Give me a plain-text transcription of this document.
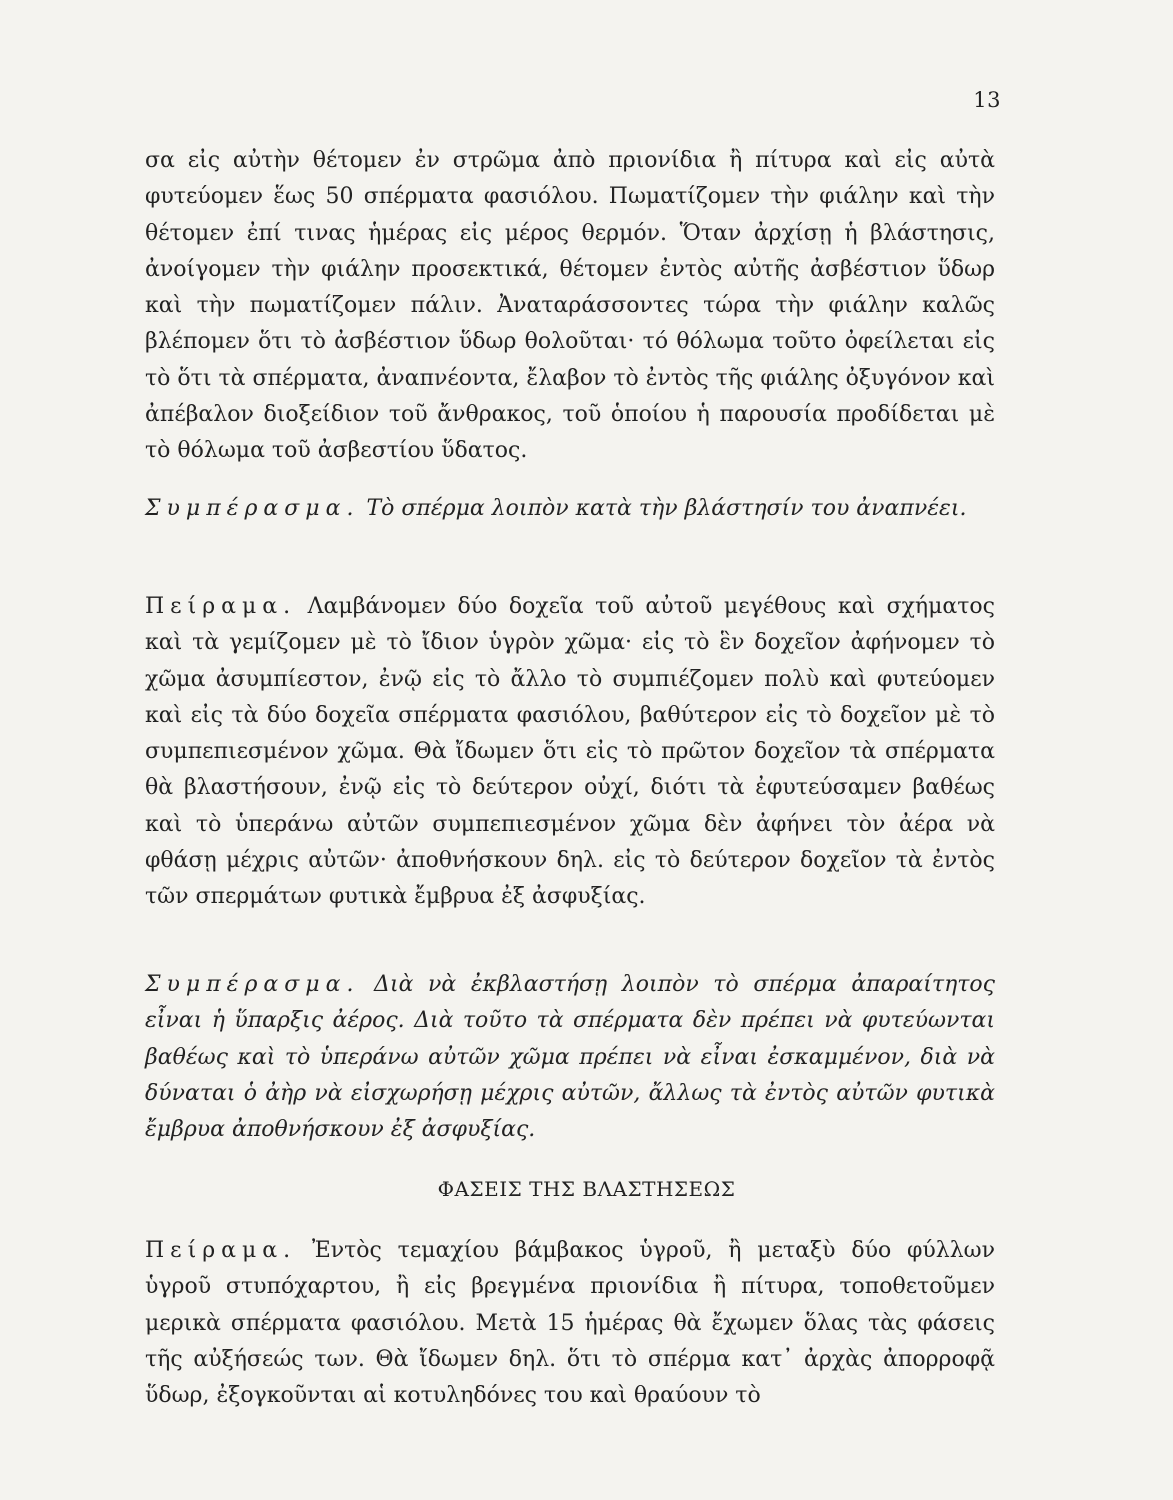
13

σα εἰς αὐτὴν θέτομεν ἐν στρῶμα ἀπὸ πριονίδια ἢ πίτυρα καὶ εἰς αὐτὰ φυτεύομεν ἕως 50 σπέρματα φασιόλου. Πωματίζομεν τὴν φιάλην καὶ τὴν θέτομεν ἐπί τινας ἡμέρας εἰς μέρος θερμόν. Ὅταν ἀρχίσῃ ἡ βλάστησις, ἀνοίγομεν τὴν φιάλην προσεκτικά, θέτομεν ἐντὸς αὐτῆς ἀσβέστιον ὕδωρ καὶ τὴν πωματίζομεν πάλιν. Ἀναταράσσοντες τώρα τὴν φιάλην καλῶς βλέπομεν ὅτι τὸ ἀσβέστιον ὕδωρ θολοῦται· τό θόλωμα τοῦτο ὀφείλεται εἰς τὸ ὅτι τὰ σπέρματα, ἀναπνέοντα, ἔλαβον τὸ ἐντὸς τῆς φιάλης ὀξυγόνον καὶ ἀπέβαλον διοξείδιον τοῦ ἄνθρακος, τοῦ ὁποίου ἡ παρουσία προδίδεται μὲ τὸ θόλωμα τοῦ ἀσβεστίου ὕδατος.

Συμπέρασμα. Τὸ σπέρμα λοιπὸν κατὰ τὴν βλάστησίν του ἀναπνέει.

Πείραμα. Λαμβάνομεν δύο δοχεῖα τοῦ αὐτοῦ μεγέθους καὶ σχήματος καὶ τὰ γεμίζομεν μὲ τὸ ἴδιον ὑγρὸν χῶμα· εἰς τὸ ἓν δοχεῖον ἀφήνομεν τὸ χῶμα ἀσυμπίεστον, ἐνῷ εἰς τὸ ἄλλο τὸ συμπιέζομεν πολὺ καὶ φυτεύομεν καὶ εἰς τὰ δύο δοχεῖα σπέρματα φασιόλου, βαθύτερον εἰς τὸ δοχεῖον μὲ τὸ συμπεπιεσμένον χῶμα. Θὰ ἴδωμεν ὅτι εἰς τὸ πρῶτον δοχεῖον τὰ σπέρματα θὰ βλαστήσουν, ἐνῷ εἰς τὸ δεύτερον οὐχί, διότι τὰ ἐφυτεύσαμεν βαθέως καὶ τὸ ὑπεράνω αὐτῶν συμπεπιεσμένον χῶμα δὲν ἀφήνει τὸν ἀέρα νὰ φθάσῃ μέχρις αὐτῶν· ἀποθνήσκουν δηλ. εἰς τὸ δεύτερον δοχεῖον τὰ ἐντὸς τῶν σπερμάτων φυτικὰ ἔμβρυα ἐξ ἀσφυξίας.

Συμπέρασμα. Διὰ νὰ ἐκβλαστήσῃ λοιπὸν τὸ σπέρμα ἀπαραίτητος εἶναι ἡ ὕπαρξις ἀέρος. Διὰ τοῦτο τὰ σπέρματα δὲν πρέπει νὰ φυτεύωνται βαθέως καὶ τὸ ὑπεράνω αὐτῶν χῶμα πρέπει νὰ εἶναι ἐσκαμμένον, διὰ νὰ δύναται ὁ ἀὴρ νὰ εἰσχωρήσῃ μέχρις αὐτῶν, ἄλλως τὰ ἐντὸς αὐτῶν φυτικὰ ἔμβρυα ἀποθνήσκουν ἐξ ἀσφυξίας.

ΦΑΣΕΙΣ ΤΗΣ ΒΛΑΣΤΗΣΕΩΣ

Πείραμα. Ἐντὸς τεμαχίου βάμβακος ὑγροῦ, ἢ μεταξὺ δύο φύλλων ὑγροῦ στυπόχαρτου, ἢ εἰς βρεγμένα πριονίδια ἢ πίτυρα, τοποθετοῦμεν μερικὰ σπέρματα φασιόλου. Μετὰ 15 ἡμέρας θὰ ἔχωμεν ὅλας τὰς φάσεις τῆς αὐξήσεώς των. Θὰ ἴδωμεν δηλ. ὅτι τὸ σπέρμα κατ᾿ ἀρχὰς ἀπορροφᾷ ὕδωρ, ἐξογκοῦνται αἱ κοτυληδόνες του καὶ θραύουν τὸ
